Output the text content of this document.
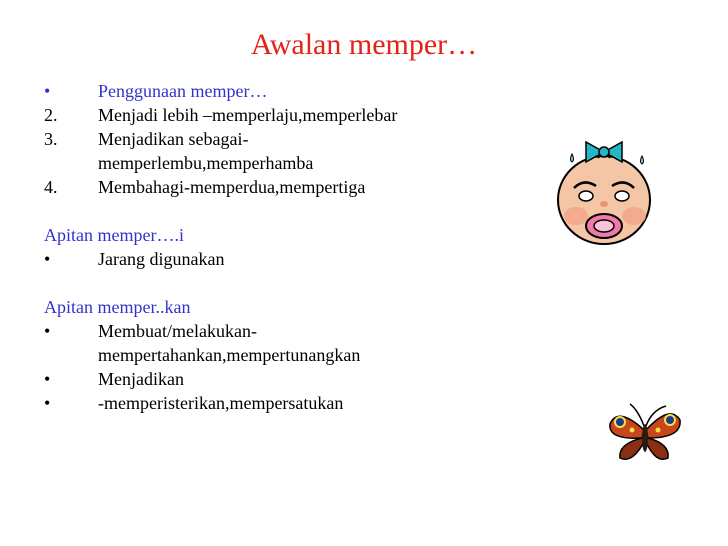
Awalan memper…
•	Penggunaan memper…
2.	Menjadi lebih –memperlaju,memperlebar
3.	Menjadikan sebagai-
memperlembu,memperhamba
4.	Membahagi-memperdua,mempertiga
Apitan memper….i
•	Jarang digunakan
Apitan memper..kan
•	Membuat/melakukan-
mempertahankan,mempertunangkan
•	Menjadikan
•	-memperisterikan,mempersatukan
